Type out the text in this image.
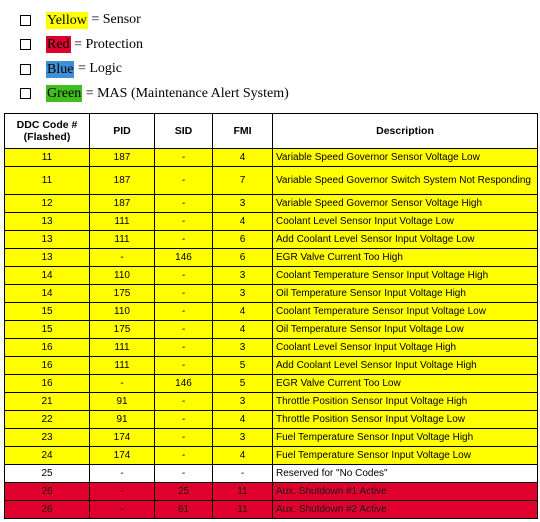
Yellow = Sensor
Red = Protection
Blue = Logic
Green = MAS (Maintenance Alert System)
DDC Code # (Flashed)	PID	SID	FMI	Description
11	187	-	4	Variable Speed Governor Sensor Voltage Low
11	187	-	7	Variable Speed Governor Switch System Not Responding
12	187	-	3	Variable Speed Governor Sensor Voltage High
13	111	-	4	Coolant Level Sensor Input Voltage Low
13	111	-	6	Add Coolant Level Sensor Input Voltage Low
13	-	146	6	EGR Valve Current Too High
14	110	-	3	Coolant Temperature Sensor Input Voltage High
14	175	-	3	Oil Temperature Sensor Input Voltage High
15	110	-	4	Coolant Temperature Sensor Input Voltage Low
15	175	-	4	Oil Temperature Sensor Input Voltage Low
16	111	-	3	Coolant Level Sensor Input Voltage High
16	111	-	5	Add Coolant Level Sensor Input Voltage High
16	-	146	5	EGR Valve Current Too Low
21	91	-	3	Throttle Position Sensor Input Voltage High
22	91	-	4	Throttle Position Sensor Input Voltage Low
23	174	-	3	Fuel Temperature Sensor Input Voltage High
24	174	-	4	Fuel Temperature Sensor Input Voltage Low
25	-	-	-	Reserved for "No Codes"
26	-	25	11	Aux. Shutdown #1 Active
26	-	61	11	Aux. Shutdown #2 Active
